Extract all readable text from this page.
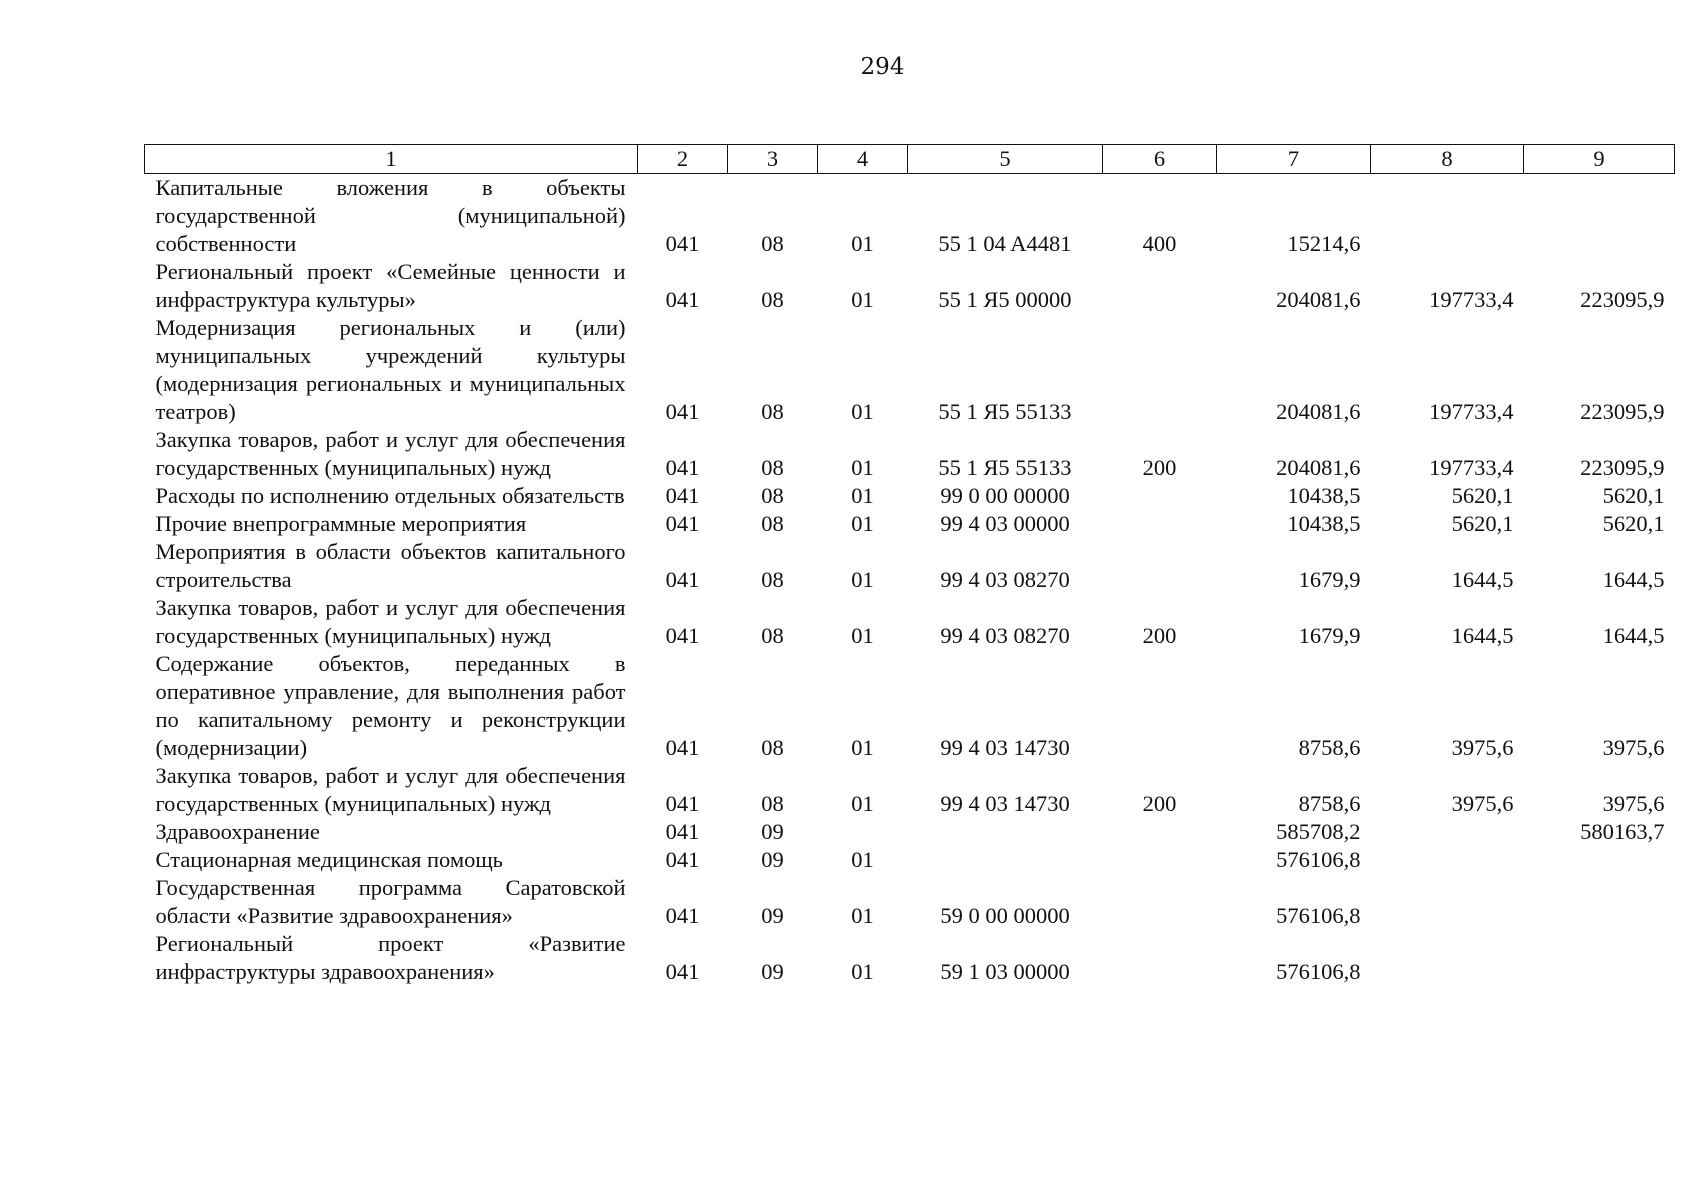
294
1	2	3	4	5	6	7	8	9
Капитальные вложения в объекты государственной (муниципальной) собственности	041	08	01	55 1 04 A4481	400	15214,6		
Региональный проект «Семейные ценности и инфраструктура культуры»	041	08	01	55 1 Я5 00000		204081,6	197733,4	223095,9
Модернизация региональных и (или) муниципальных учреждений культуры (модернизация региональных и муниципальных театров)	041	08	01	55 1 Я5 55133		204081,6	197733,4	223095,9
Закупка товаров, работ и услуг для обеспечения государственных (муниципальных) нужд	041	08	01	55 1 Я5 55133	200	204081,6	197733,4	223095,9
Расходы по исполнению отдельных обязательств	041	08	01	99 0 00 00000		10438,5	5620,1	5620,1
Прочие внепрограммные мероприятия	041	08	01	99 4 03 00000		10438,5	5620,1	5620,1
Мероприятия в области объектов капитального строительства	041	08	01	99 4 03 08270		1679,9	1644,5	1644,5
Закупка товаров, работ и услуг для обеспечения государственных (муниципальных) нужд	041	08	01	99 4 03 08270	200	1679,9	1644,5	1644,5
Содержание объектов, переданных в оперативное управление, для выполнения работ по капитальному ремонту и реконструкции (модернизации)	041	08	01	99 4 03 14730		8758,6	3975,6	3975,6
Закупка товаров, работ и услуг для обеспечения государственных (муниципальных) нужд	041	08	01	99 4 03 14730	200	8758,6	3975,6	3975,6
Здравоохранение	041	09				585708,2		580163,7
Стационарная медицинская помощь	041	09	01			576106,8		
Государственная программа Саратовской области «Развитие здравоохранения»	041	09	01	59 0 00 00000		576106,8		
Региональный проект «Развитие инфраструктуры здравоохранения»	041	09	01	59 1 03 00000		576106,8		
